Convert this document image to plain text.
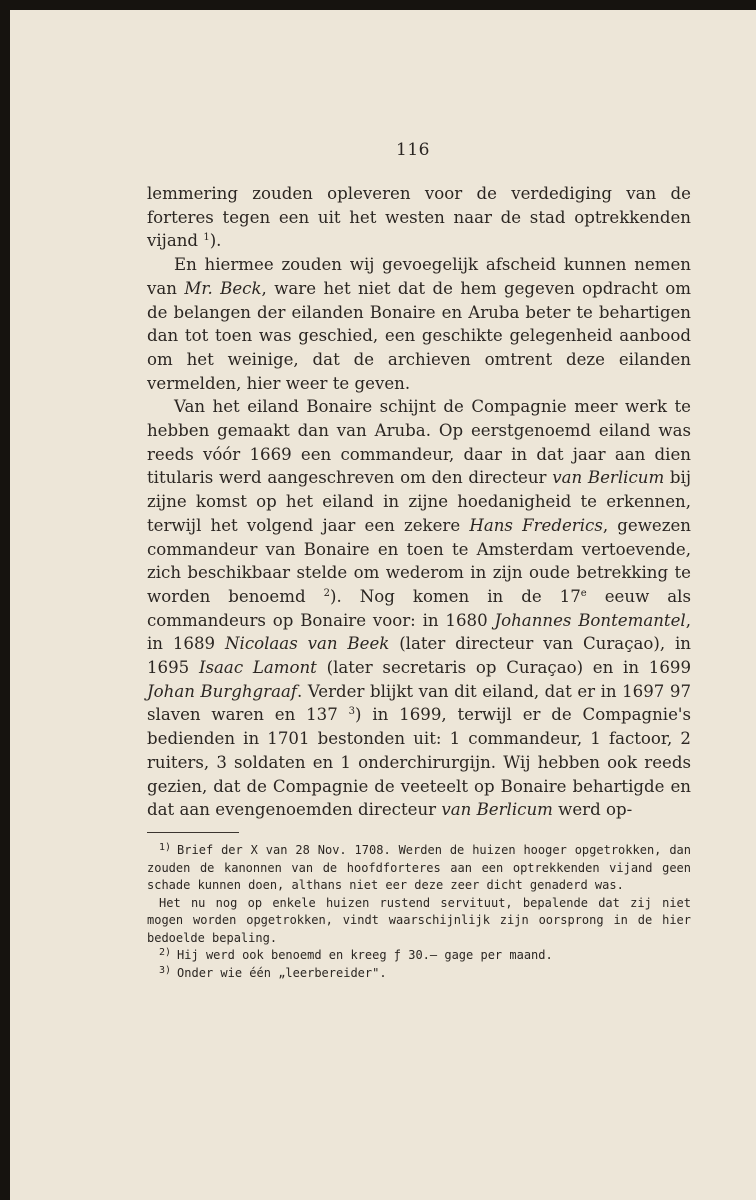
116

lemmering zouden opleveren voor de verdediging van de forteres tegen een uit het westen naar de stad optrekkenden vijand $^1$).

En hiermee zouden wij gevoegelijk afscheid kunnen nemen van Mr. Beck, ware het niet dat de hem gegeven opdracht om de belangen der eilanden Bonaire en Aruba beter te behartigen dan tot toen was geschied, een geschikte gelegenheid aanbood om het weinige, dat de archieven omtrent deze eilanden vermelden, hier weer te geven.

Van het eiland Bonaire schijnt de Compagnie meer werk te hebben gemaakt dan van Aruba. Op eerstgenoemd eiland was reeds vóór 1669 een commandeur, daar in dat jaar aan dien titularis werd aangeschreven om den directeur van Berlicum bij zijne komst op het eiland in zijne hoedanigheid te erkennen, terwijl het volgend jaar een zekere Hans Frederics, gewezen commandeur van Bonaire en toen te Amsterdam vertoevende, zich beschikbaar stelde om wederom in zijn oude betrekking te worden benoemd $^2$). Nog komen in de 17e eeuw als commandeurs op Bonaire voor: in 1680 Johannes Bontemantel, in 1689 Nicolaas van Beek (later directeur van Curaçao), in 1695 Isaac Lamont (later secretaris op Curaçao) en in 1699 Johan Burghgraaf. Verder blijkt van dit eiland, dat er in 1697 97 slaven waren en 137 $^3$) in 1699, terwijl er de Compagnie's bedienden in 1701 bestonden uit: 1 commandeur, 1 factoor, 2 ruiters, 3 soldaten en 1 onderchirurgijn. Wij hebben ook reeds gezien, dat de Compagnie de veeteelt op Bonaire behartigde en dat aan evengenoemden directeur van Berlicum werd op-

$^{1)}$ Brief der X van 28 Nov. 1708. Werden de huizen hooger opgetrokken, dan zouden de kanonnen van de hoofdforteres aan een optrekkenden vijand geen schade kunnen doen, althans niet eer deze zeer dicht genaderd was.

Het nu nog op enkele huizen rustend servituut, bepalende dat zij niet mogen worden opgetrokken, vindt waarschijnlijk zijn oorsprong in de hier bedoelde bepaling.

$^{2)}$ Hij werd ook benoemd en kreeg ƒ 30.— gage per maand.

$^{3)}$ Onder wie één „leerbereider".
